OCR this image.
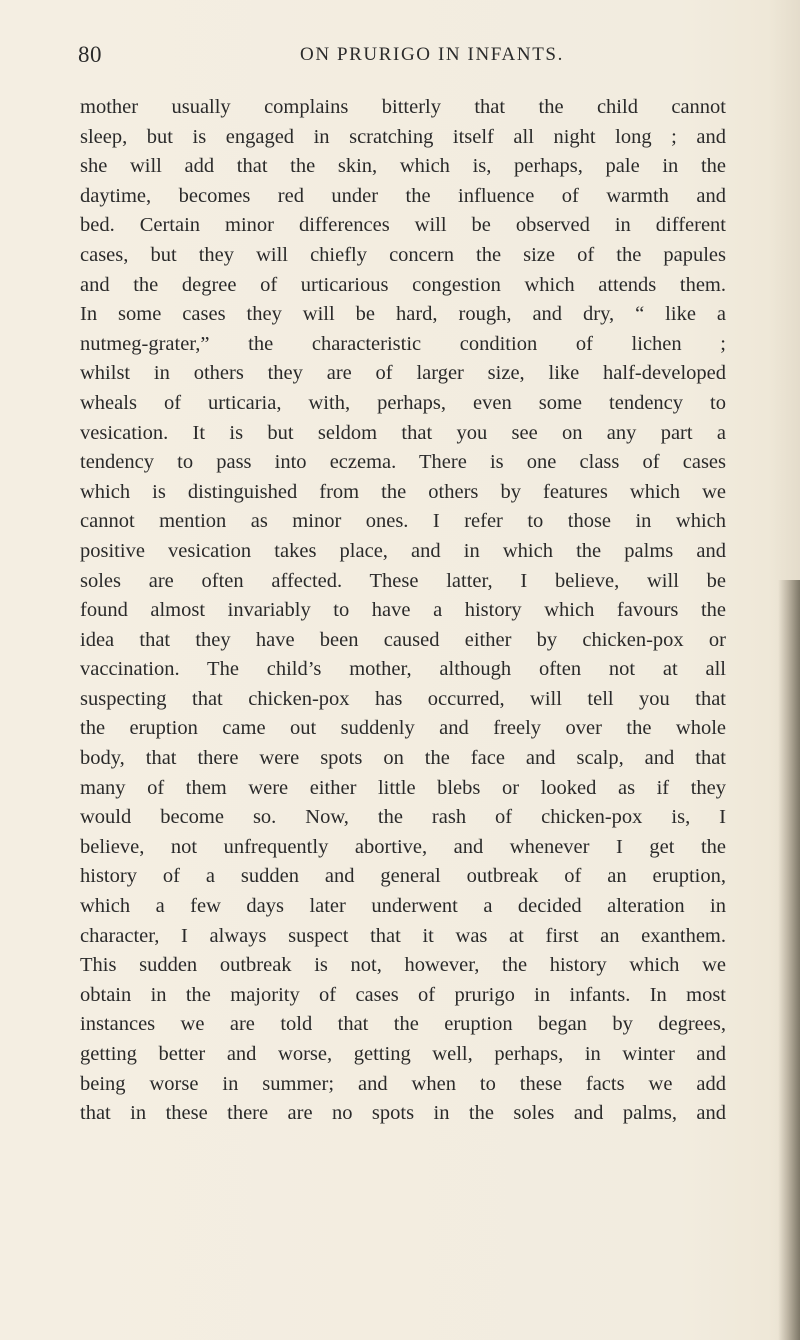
80	ON PRURIGO IN INFANTS.
mother usually complains bitterly that the child cannot
sleep, but is engaged in scratching itself all night long ; and
she will add that the skin, which is, perhaps, pale in the
daytime, becomes red under the influence of warmth and
bed. Certain minor differences will be observed in different
cases, but they will chiefly concern the size of the papules
and the degree of urticarious congestion which attends them.
In some cases they will be hard, rough, and dry, “ like a
nutmeg-grater,” the characteristic condition of lichen ;
whilst in others they are of larger size, like half-developed
wheals of urticaria, with, perhaps, even some tendency to
vesication. It is but seldom that you see on any part a
tendency to pass into eczema. There is one class of cases
which is distinguished from the others by features which we
cannot mention as minor ones. I refer to those in which
positive vesication takes place, and in which the palms and
soles are often affected. These latter, I believe, will be
found almost invariably to have a history which favours the
idea that they have been caused either by chicken-pox or
vaccination. The child’s mother, although often not at all
suspecting that chicken-pox has occurred, will tell you that
the eruption came out suddenly and freely over the whole
body, that there were spots on the face and scalp, and that
many of them were either little blebs or looked as if they
would become so. Now, the rash of chicken-pox is, I
believe, not unfrequently abortive, and whenever I get the
history of a sudden and general outbreak of an eruption,
which a few days later underwent a decided alteration in
character, I always suspect that it was at first an exanthem.
This sudden outbreak is not, however, the history which we
obtain in the majority of cases of prurigo in infants. In most
instances we are told that the eruption began by degrees,
getting better and worse, getting well, perhaps, in winter and
being worse in summer; and when to these facts we add
that in these there are no spots in the soles and palms, and
